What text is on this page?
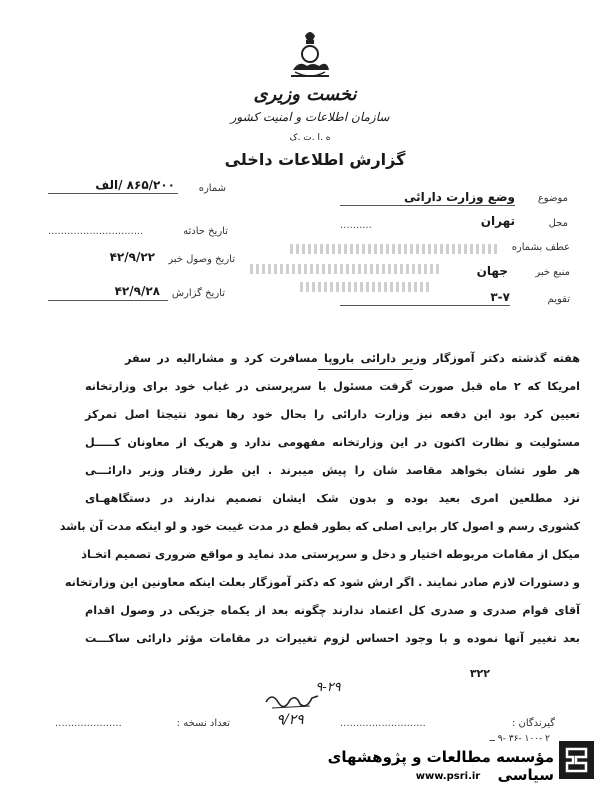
نخست وزیری
سازمان اطلاعات و امنیت کشور
ه .ا .ت .ک
گزارش اطلاعات داخلی
موضوع
وضع وزارت دارائی
محل
تهران
..........
عطف بشماره
منبع خبر
جهان
تقویم
۳-۷
شماره
۸۶۵/۲۰۰ /الف
تاریخ حادثه
..............................
تاریخ وصول خبر
۴۲/۹/۲۲
تاریخ گزارش
۴۲/۹/۲۸
هفته گذشته دکتر آموزگار وزیر دارائی باروپا مسافرت کرد و مشارالیه در سفر
امریکا که ۲ ماه قبل صورت گرفت مسئول با سرپرستی در غیاب خود برای وزارتخانه
تعیین کرد بود این دفعه نیز وزارت دارائی را بحال خود رها نمود نتیجتا اصل تمرکز
مسئولیت و نظارت اکنون در این وزارتخانه مفهومی ندارد و هریک از معاونان کـــــل
هر طور تشان بخواهد مقاصد شان را پیش میبرند . این طرز رفتار وزیر دارائـــی
نزد مطلعین امری بعید بوده و بدون شک ایشان تصمیم ندارند در دستگاههـای
کشوری رسم و اصول کار برایی اصلی که بطور قطع در مدت غیبت خود و لو اینکه مدت آن باشد
میکل از مقامات مربوطه اختیار و دخل و سرپرستی مدد نماید و مواقع ضروری تصمیم اتخـاذ
و دستورات لازم صادر نمایند . اگر ارش شود که دکتر آموزگار بعلت اینکه معاونین این وزارتخانه
آقای قوام صدری و صدری کل اعتماد ندارند چگونه بعد از یکماه جزیکی در وصول اقدام
بعد تغییر آنها نموده و با وجود احساس لزوم تغییرات در مقامات مؤثر دارائی ساکـــت
۳۲۲
۹-۲۹
۹/۲۹	گیرندگان :
...........................
تعداد نسخه :
.....................
۲ -۱۰۰ -۳۶ -۹ ــ
مؤسسه مطالعات و پژوهشهای سیاسی
www.psri.ir
